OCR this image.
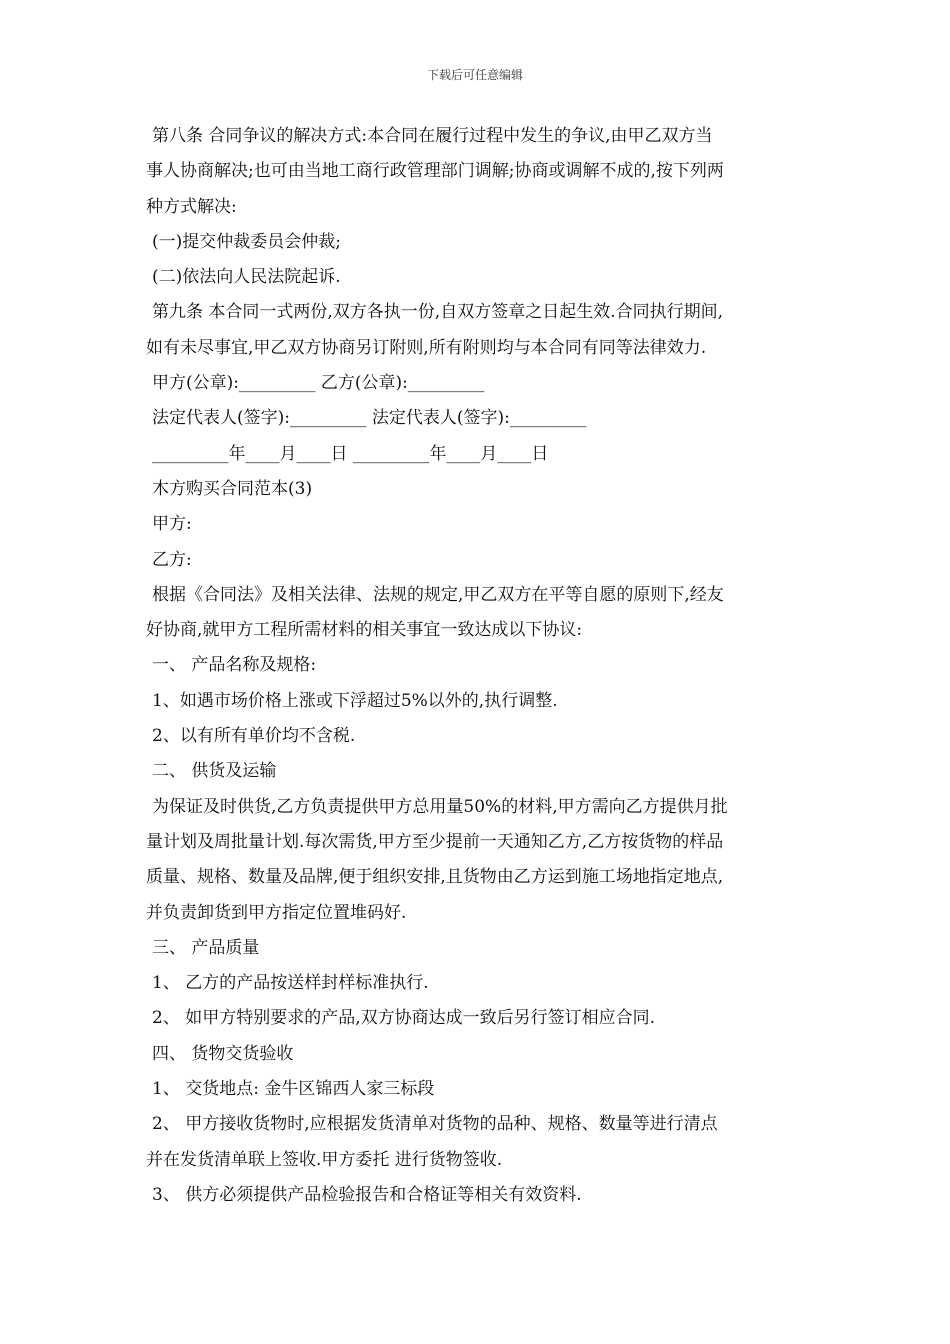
下载后可任意编辑
第八条 合同争议的解决方式:本合同在履行过程中发生的争议,由甲乙双方当
事人协商解决;也可由当地工商行政管理部门调解;协商或调解不成的,按下列两
种方式解决:
(一)提交仲裁委员会仲裁;
(二)依法向人民法院起诉.
第九条 本合同一式两份,双方各执一份,自双方签章之日起生效.合同执行期间,
如有未尽事宜,甲乙双方协商另订附则,所有附则均与本合同有同等法律效力.
甲方(公章):_________ 乙方(公章):_________
法定代表人(签字):_________ 法定代表人(签字):_________
_________年____月____日 _________年____月____日
木方购买合同范本(3)
甲方:
乙方:
根据《合同法》及相关法律、法规的规定,甲乙双方在平等自愿的原则下,经友
好协商,就甲方工程所需材料的相关事宜一致达成以下协议:
一、 产品名称及规格:
1、如遇市场价格上涨或下浮超过5%以外的,执行调整.
2、以有所有单价均不含税.
二、 供货及运输
为保证及时供货,乙方负责提供甲方总用量50%的材料,甲方需向乙方提供月批
量计划及周批量计划.每次需货,甲方至少提前一天通知乙方,乙方按货物的样品
质量、规格、数量及品牌,便于组织安排,且货物由乙方运到施工场地指定地点,
并负责卸货到甲方指定位置堆码好.
三、 产品质量
1、 乙方的产品按送样封样标准执行.
2、 如甲方特别要求的产品,双方协商达成一致后另行签订相应合同.
四、 货物交货验收
1、 交货地点: 金牛区锦西人家三标段
2、 甲方接收货物时,应根据发货清单对货物的品种、规格、数量等进行清点
并在发货清单联上签收.甲方委托 进行货物签收.
3、 供方必须提供产品检验报告和合格证等相关有效资料.
